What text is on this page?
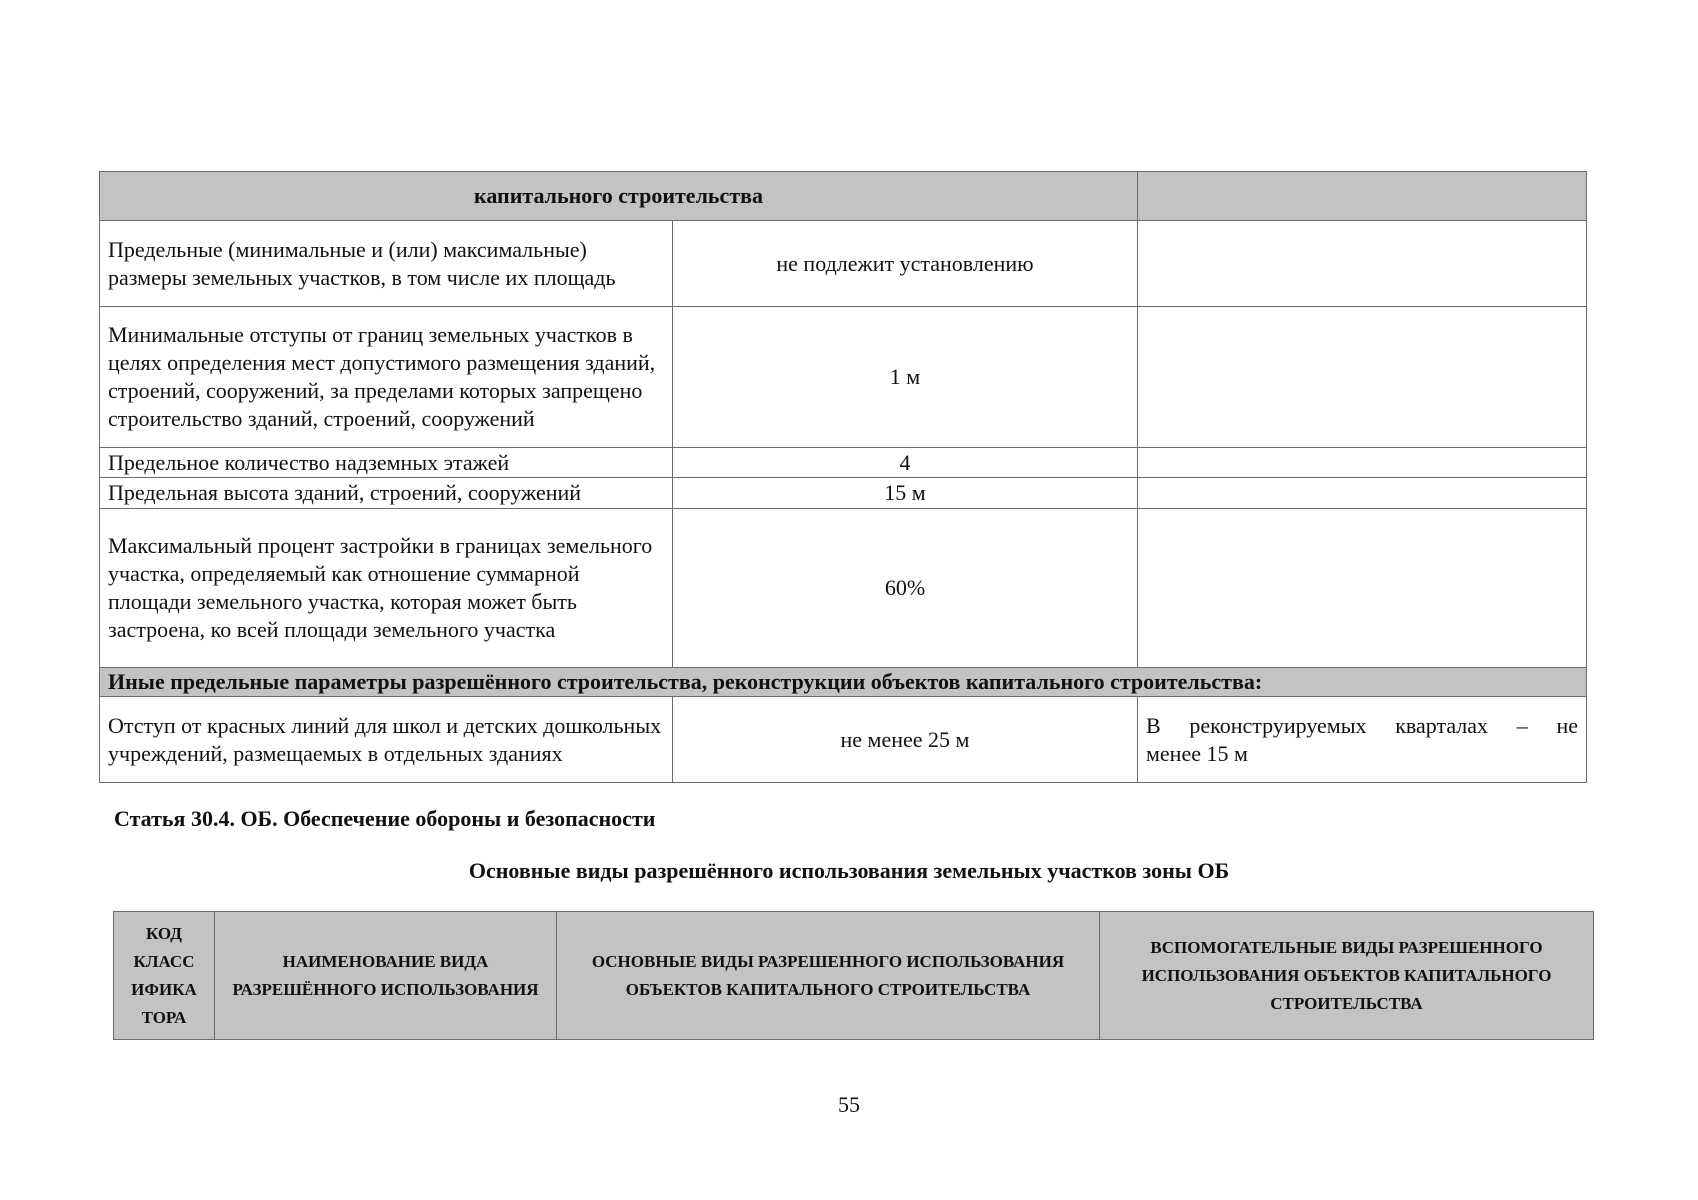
капитального строительства		
Предельные (минимальные и (или) максимальные) размеры земельных участков, в том числе их площадь	не подлежит установлению	
Минимальные отступы от границ земельных участков в целях определения мест допустимого размещения зданий, строений, сооружений, за пределами которых запрещено строительство зданий, строений, сооружений	1 м	
Предельное количество надземных этажей	4	
Предельная высота зданий, строений, сооружений	15 м	
Максимальный процент застройки в границах земельного участка, определяемый как отношение суммарной площади земельного участка, которая может быть застроена, ко всей площади земельного участка	60%	
Иные предельные параметры разрешённого строительства, реконструкции объектов капитального строительства:		
Отступ от красных линий для школ и детских дошкольных учреждений, размещаемых в отдельных зданиях	не менее 25 м	В реконструируемых кварталах – не
менее 15 м

Статья 30.4. ОБ. Обеспечение обороны и безопасности

Основные виды разрешённого использования земельных участков зоны ОБ

КОД КЛАСС ИФИКА ТОРА	НАИМЕНОВАНИЕ ВИДА РАЗРЕШЁННОГО ИСПОЛЬЗОВАНИЯ	ОСНОВНЫЕ ВИДЫ РАЗРЕШЕННОГО ИСПОЛЬЗОВАНИЯ ОБЪЕКТОВ КАПИТАЛЬНОГО СТРОИТЕЛЬСТВА	ВСПОМОГАТЕЛЬНЫЕ ВИДЫ РАЗРЕШЕННОГО ИСПОЛЬЗОВАНИЯ ОБЪЕКТОВ КАПИТАЛЬНОГО СТРОИТЕЛЬСТВА

55
